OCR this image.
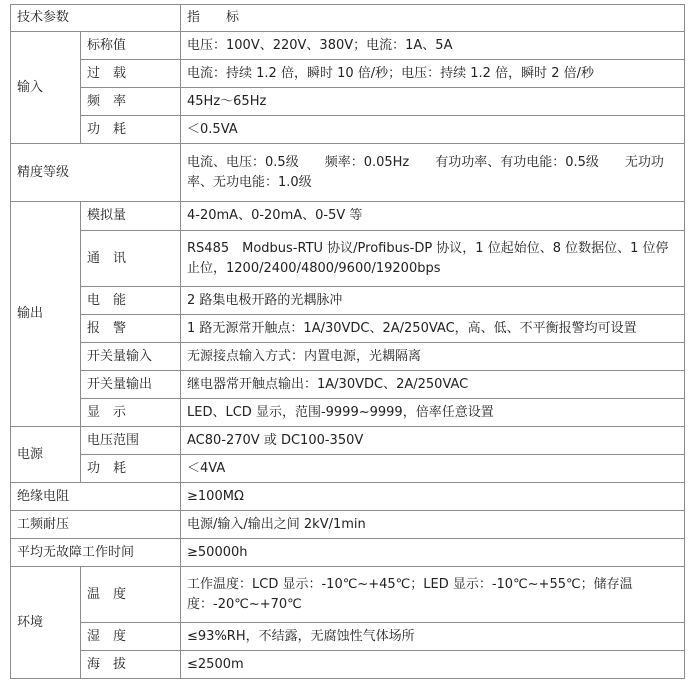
技术参数		指　　标
输入	标称值	电压：100V、220V、380V；电流：1A、5A
	过　载	电流：持续 1.2 倍，瞬时 10 倍/秒；电压：持续 1.2 倍，瞬时 2 倍/秒
	频　率	45Hz～65Hz
	功　耗	＜0.5VA
精度等级		电流、电压：0.5级　　频率：0.05Hz　　有功功率、有功电能：0.5级　　无功功率、无功电能：1.0级
输出	模拟量	4-20mA、0-20mA、0-5V 等
	通　讯	RS485　Modbus-RTU 协议/Profibus-DP 协议，1 位起始位、8 位数据位、1 位停止位，1200/2400/4800/9600/19200bps
	电　能	2 路集电极开路的光耦脉冲
	报　警	1 路无源常开触点：1A/30VDC、2A/250VAC，高、低、不平衡报警均可设置
	开关量输入	无源接点输入方式：内置电源，光耦隔离
	开关量输出	继电器常开触点输出：1A/30VDC、2A/250VAC
	显　示	LED、LCD 显示，范围-9999~9999，倍率任意设置
电源	电压范围	AC80-270V 或 DC100-350V
	功　耗	＜4VA
绝缘电阻		≥100MΩ
工频耐压		电源/输入/输出之间 2kV/1min
平均无故障工作时间		≥50000h
环境	温　度	工作温度：LCD 显示：-10℃~+45℃；LED 显示：-10℃~+55℃；储存温度：-20℃~+70℃
	湿　度	≤93%RH，不结露，无腐蚀性气体场所
	海　拔	≤2500m
